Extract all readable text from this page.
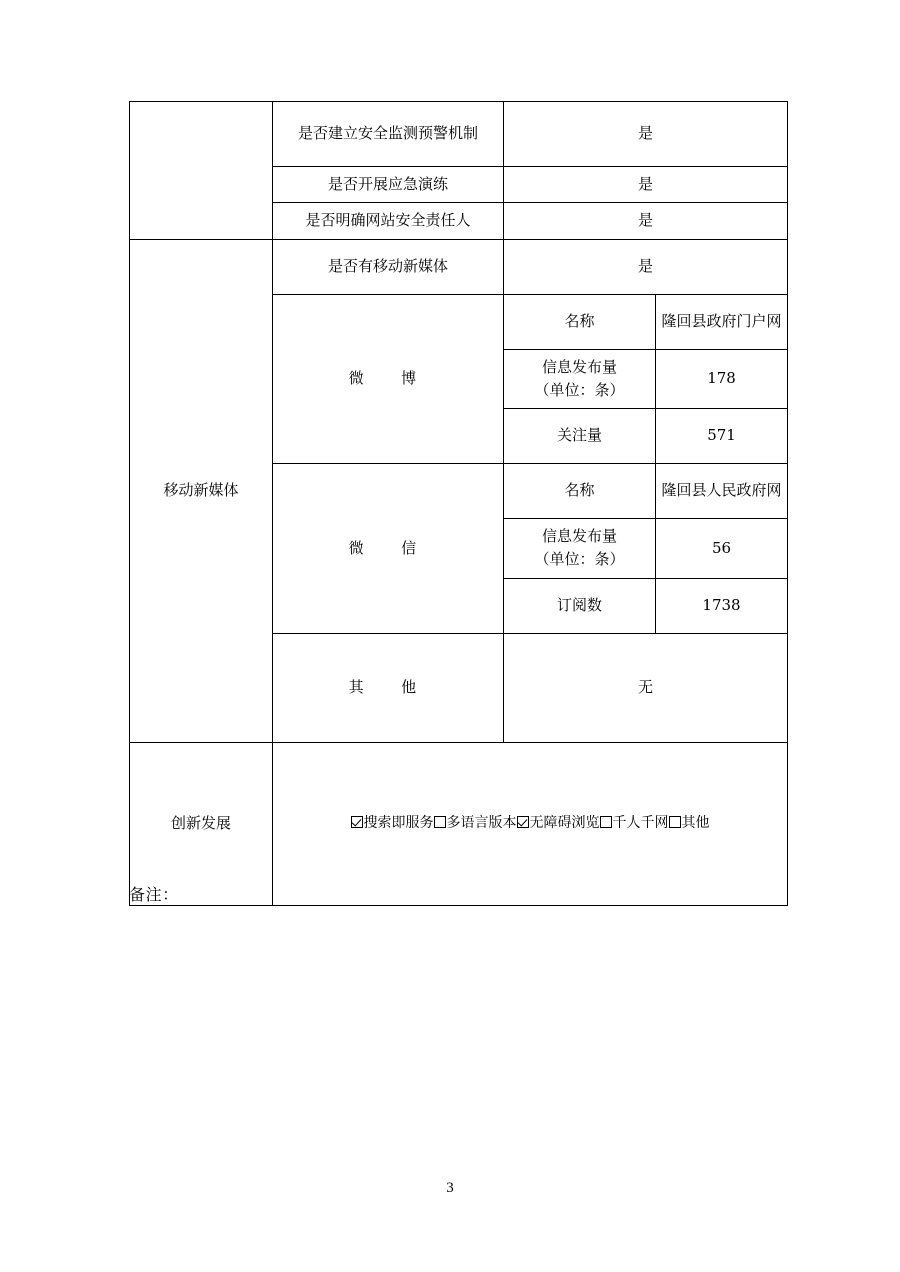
	是否建立安全监测预警机制	是	
	是否开展应急演练	是	
	是否明确网站安全责任人	是	
移动新媒体	是否有移动新媒体	是	
	微　博	名称	隆回县政府门户网

		信息发布量
（单位：条）	178
		关注量	571
	微　信	名称	隆回县人民政府网

		信息发布量
（单位：条）	56
		订阅数	1738
	其　他	无	
创新发展	搜索即服务 多语言版本 无障碍浏览 千人千网 其他		
备注：
3
